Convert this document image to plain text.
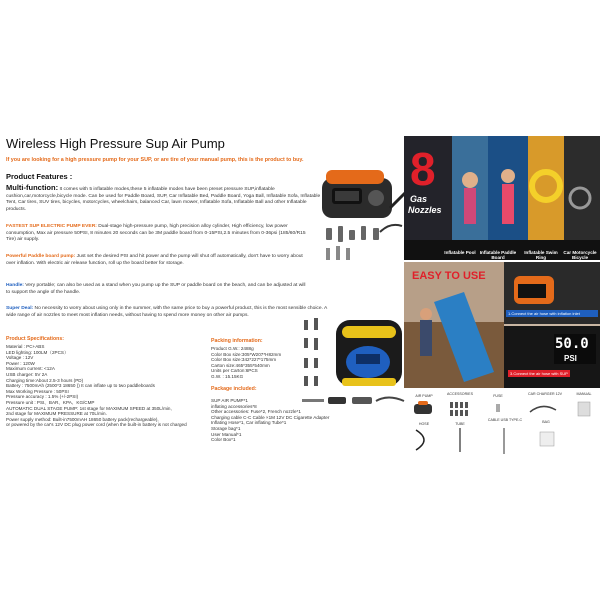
Wireless High Pressure Sup Air Pump
If you are looking for a high pressure pump for your SUP, or are tire of your manual pump, this is the product to buy.
Product Features :
Multi-function: It comes with 5 inflatable modes,these 5 inflatable modes have been preset pressure SUP,inflatable cushion,car,motorcycle,bicycle mode. Can be used for Paddle Board, SUP, Car Inflatable Bed, Paddle Board, Yoga Ball, Inflatable Sofa, Inflatable Tent, Car tires, SUV tires, bicycles, motorcycles, wheelchairs, balanced Car, lawn mower, Inflatable Sofa, Inflatable Ball and other Inflatable products.
FASTEST SUP ELECTRIC PUMP EVER: Dual-stage high-pressure pump, high precision alloy cylinder, High efficiency, low power consumption, Max air pressure 50PSI, 8 minutes 20 seconds can be 3M paddle board from 0-15PSI,2.5 minutes from 0-36psi (185/60/R15 Tire) air supply.
Powerful Paddle board pump: Just set the desired PSI and hit power and the pump will shut off automatically, don't have to worry about over inflation. With electric air release function, roll up the board better for storage.
Handle: Very portable; can also be used as a stand when you pump up the SUP or paddle board on the beach, and can be adjusted at will to support the angle of the handle.
Super Deal: No necessity to worry about using only in the summer, with the same price to buy a powerful product, this is the most sensible choice. A wide range of air nozzles to meet most inflation needs, without having to spend more money on other air pumps.
Product Specifications:
Material : PC+ABS
LED lighting: 100LM（2PCS）
Voltage : 12V
Power : 120W
Maximum current: <12A
USB charger: 5V 2A
Charging time:About 2.5-3 hours (PD)
Battery : 7500mAh (2500*3 18650 )) It can inflate up to two paddleboards
Max Working Pressure : 50PSI
Pressure accuracy : 1.5% (+/-2PSI)
Pressure unit : PSI、BAR、KPA、KG/CMP
AUTOMATIC DUAL STAGE PUMP: 1st stage for MAXIMUM SPEED at 350L/min,
2nd stage for MAXIMUM PRESSURE at 70L/min.
Power supply method: Built-in7500mAH 18650 battery pack(rechargeable),
or powered by the car's 12V DC plug power cord (when the built-in battery is not charged
Packing information:
Product G.W.: 2488g
Color Box size:305*W207*H82mm
Color Box size:342*227*175mm
Carton size:465*355*540mm
Units per Carton:6PCS
G.W. : 15.15KG
Package included:
SUP AIR PUMP*1
inflating accessories*8
Other accessories: Fuse*2, French nozzle*1
Charging cable C-C Cable ×1M 12V DC Cigarette Adapter
Inflating Hose*1, Car inflating Tube*1
Storage bag*1
User Manual*1
Color Box*1
8
Gas
Nozzles
Inflatable Pool Inflatable Paddle Board
Inflatable Swim Ring
Car Motorcycle Bicycle
EASY TO USE
1.Connect the air hose with inflation inlet
3.Connect the air hose with SUP
50.0
PSI
AIR PUMP	ACCESSORIES	FUSE	CAR CHARGER 12V	MANUAL
HOSE	TUBE
CABLE USB TYPE-C	BAG
